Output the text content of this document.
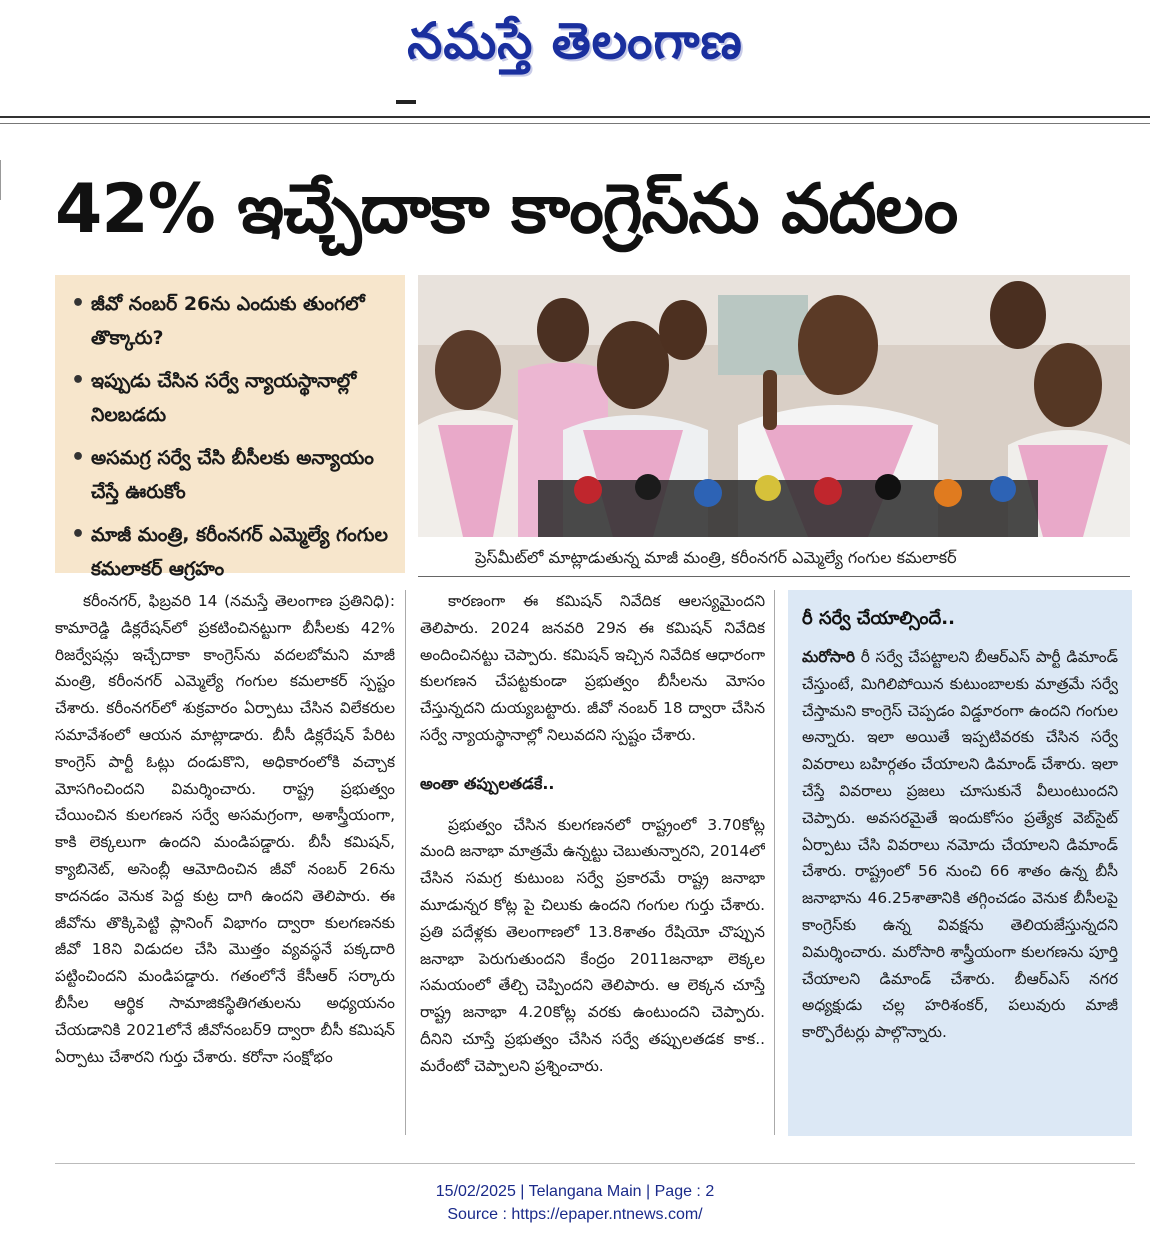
నమస్తే తెలంగాణ
42% ఇచ్చేదాకా కాంగ్రెస్‌ను వదలం
• జీవో నంబర్‌ 26ను ఎందుకు తుంగలో తొక్కారు?
• ఇప్పుడు చేసిన సర్వే న్యాయస్థానాల్లో నిలబడదు
• అసమగ్ర సర్వే చేసి బీసీలకు అన్యాయం చేస్తే ఊరుకోం
• మాజీ మంత్రి, కరీంనగర్‌ ఎమ్మెల్యే గంగుల కమలాకర్‌ ఆగ్రహం
ప్రెస్‌మీట్‌లో మాట్లాడుతున్న మాజీ మంత్రి, కరీంనగర్‌ ఎమ్మెల్యే గంగుల కమలాకర్‌

కరీంనగర్‌, ఫిబ్రవరి 14 (నమస్తే తెలంగాణ ప్రతినిధి): కామారెడ్డి డిక్లరేషన్‌లో ప్రకటించినట్టుగా బీసీలకు 42% రిజర్వేషన్లు ఇచ్చేదాకా కాంగ్రెస్‌ను వదలబోమని మాజీ మంత్రి, కరీంనగర్‌ ఎమ్మెల్యే గంగుల కమలాకర్‌ స్పష్టం చేశారు. కరీంనగర్‌లో శుక్రవారం ఏర్పాటు చేసిన విలేకరుల సమావేశంలో ఆయన మాట్లాడారు. బీసీ డిక్లరేషన్‌ పేరిట కాంగ్రెస్‌ పార్టీ ఓట్లు దండుకొని, అధికారంలోకి వచ్చాక మోసగించిందని విమర్శించారు. రాష్ట్ర ప్రభుత్వం చేయించిన కులగణన సర్వే అసమగ్రంగా, అశాస్త్రీయంగా, కాకి లెక్కలుగా ఉందని మండిపడ్డారు. బీసీ కమిషన్‌, క్యాబినెట్‌, అసెంబ్లీ ఆమోదించిన జీవో నంబర్‌ 26ను కాదనడం వెనుక పెద్ద కుట్ర దాగి ఉందని తెలిపారు. ఈ జీవోను తొక్కిపెట్టి ప్లానింగ్‌ విభాగం ద్వారా కులగణనకు జీవో 18ని విడుదల చేసి మొత్తం వ్యవస్థనే పక్కదారి పట్టించిందని మండిపడ్డారు. గతంలోనే కేసీఆర్‌ సర్కారు బీసీల ఆర్థిక సామాజికస్థితిగతులను అధ్యయనం చేయడానికి 2021లోనే జీవోనంబర్‌9 ద్వారా బీసీ కమిషన్‌ ఏర్పాటు చేశారని గుర్తు చేశారు. కరోనా సంక్షోభం

కారణంగా ఈ కమిషన్‌ నివేదిక ఆలస్యమైందని తెలిపారు. 2024 జనవరి 29న ఈ కమిషన్‌ నివేదిక అందించినట్టు చెప్పారు. కమిషన్‌ ఇచ్చిన నివేదిక ఆధారంగా కులగణన చేపట్టకుండా ప్రభుత్వం బీసీలను మోసం చేస్తున్నదని దుయ్యబట్టారు. జీవో నంబర్‌ 18 ద్వారా చేసిన సర్వే న్యాయస్థానాల్లో నిలువదని స్పష్టం చేశారు.

అంతా తప్పులతడకే..

ప్రభుత్వం చేసిన కులగణనలో రాష్ట్రంలో 3.70కోట్ల మంది జనాభా మాత్రమే ఉన్నట్టు చెబుతున్నారని, 2014లో చేసిన సమగ్ర కుటుంబ సర్వే ప్రకారమే రాష్ట్ర జనాభా మూడున్నర కోట్ల పై చిలుకు ఉందని గంగుల గుర్తు చేశారు. ప్రతి పదేళ్లకు తెలంగాణలో 13.8శాతం రేషియో చొప్పున జనాభా పెరుగుతుందని కేంద్రం 2011జనాభా లెక్కల సమయంలో తేల్చి చెప్పిందని తెలిపారు. ఆ లెక్కన చూస్తే రాష్ట్ర జనాభా 4.20కోట్ల వరకు ఉంటుందని చెప్పారు. దీనిని చూస్తే ప్రభుత్వం చేసిన సర్వే తప్పులతడక కాక.. మరేంటో చెప్పాలని ప్రశ్నించారు.

రీ సర్వే చేయాల్సిందే..

మరోసారి రీ సర్వే చేపట్టాలని బీఆర్‌ఎస్‌ పార్టీ డిమాండ్‌ చేస్తుంటే, మిగిలిపోయిన కుటుంబాలకు మాత్రమే సర్వే చేస్తామని కాంగ్రెస్‌ చెప్పడం విడ్డూరంగా ఉందని గంగుల అన్నారు. ఇలా అయితే ఇప్పటివరకు చేసిన సర్వే వివరాలు బహిర్గతం చేయాలని డిమాండ్‌ చేశారు. ఇలా చేస్తే వివరాలు ప్రజలు చూసుకునే వీలుంటుందని చెప్పారు. అవసరమైతే ఇందుకోసం ప్రత్యేక వెబ్‌సైట్‌ ఏర్పాటు చేసి వివరాలు నమోదు చేయాలని డిమాండ్‌ చేశారు. రాష్ట్రంలో 56 నుంచి 66 శాతం ఉన్న బీసీ జనాభాను 46.25శాతానికి తగ్గించడం వెనుక బీసీలపై కాంగ్రెస్‌కు ఉన్న వివక్షను తెలియజేస్తున్నదని విమర్శించారు. మరోసారి శాస్త్రీయంగా కులగణను పూర్తి చేయాలని డిమాండ్‌ చేశారు. బీఆర్‌ఎస్‌ నగర అధ్యక్షుడు చల్ల హరిశంకర్‌, పలువురు మాజీ కార్పొరేటర్లు పాల్గొన్నారు.

15/02/2025 | Telangana Main | Page : 2
Source : https://epaper.ntnews.com/
